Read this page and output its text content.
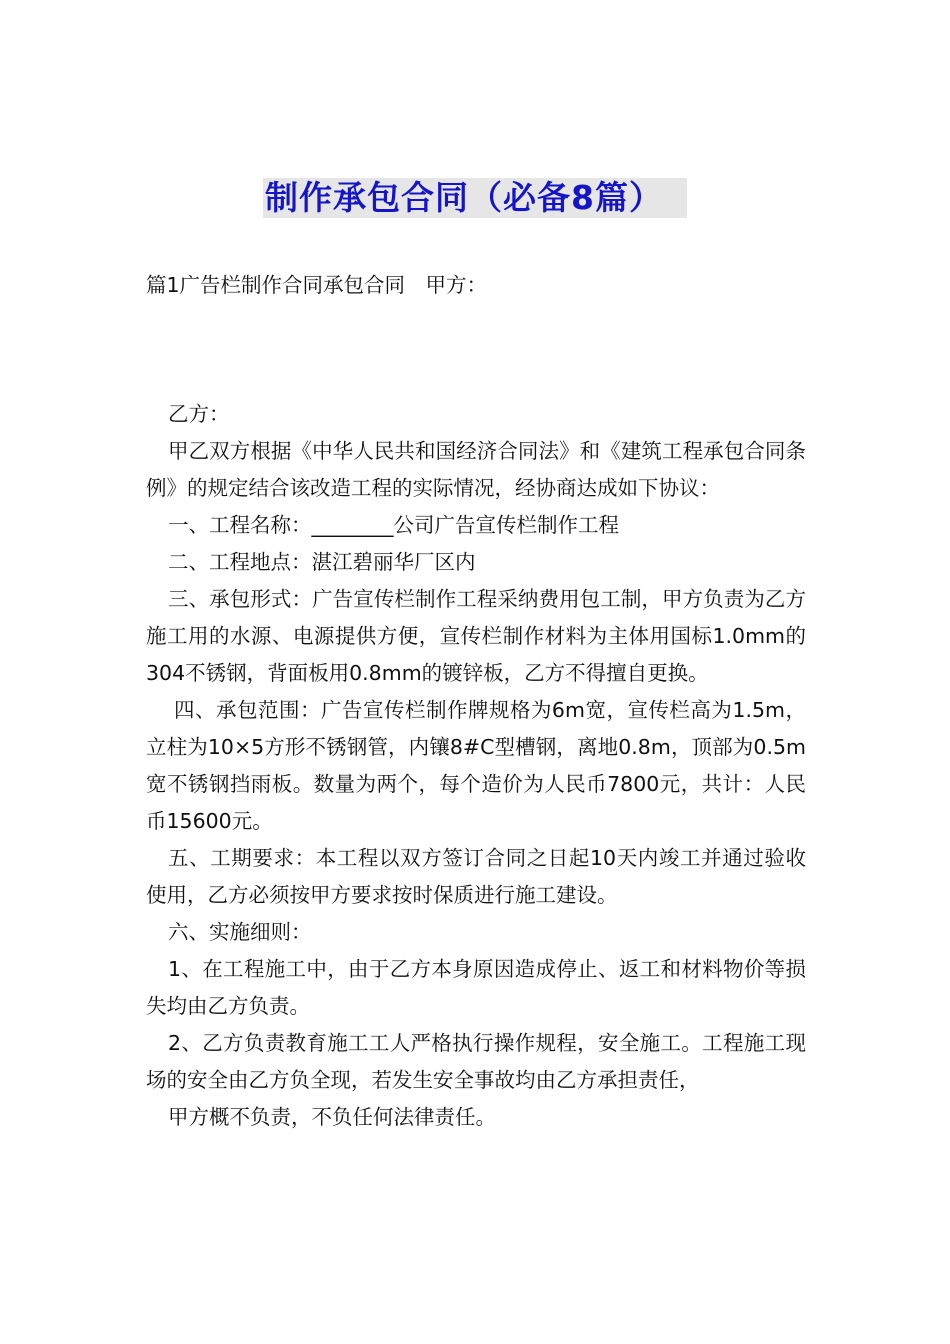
制作承包合同（必备8篇）

篇1广告栏制作合同承包合同　甲方：

乙方：

甲乙双方根据《中华人民共和国经济合同法》和《建筑工程承包合同条例》的规定结合该改造工程的实际情况，经协商达成如下协议：

一、工程名称：________公司广告宣传栏制作工程

二、工程地点：湛江碧丽华厂区内

三、承包形式：广告宣传栏制作工程采纳费用包工制，甲方负责为乙方施工用的水源、电源提供方便，宣传栏制作材料为主体用国标1.0mm的304不锈钢，背面板用0.8mm的镀锌板，乙方不得擅自更换。

四、承包范围：广告宣传栏制作牌规格为6m宽，宣传栏高为1.5m，立柱为10×5方形不锈钢管，内镶8#C型槽钢，离地0.8m，顶部为0.5m宽不锈钢挡雨板。数量为两个，每个造价为人民币7800元，共计：人民币15600元。

五、工期要求：本工程以双方签订合同之日起10天内竣工并通过验收使用，乙方必须按甲方要求按时保质进行施工建设。

六、实施细则：

1、在工程施工中，由于乙方本身原因造成停止、返工和材料物价等损失均由乙方负责。

2、乙方负责教育施工工人严格执行操作规程，安全施工。工程施工现场的安全由乙方负全现，若发生安全事故均由乙方承担责任，

甲方概不负责，不负任何法律责任。
